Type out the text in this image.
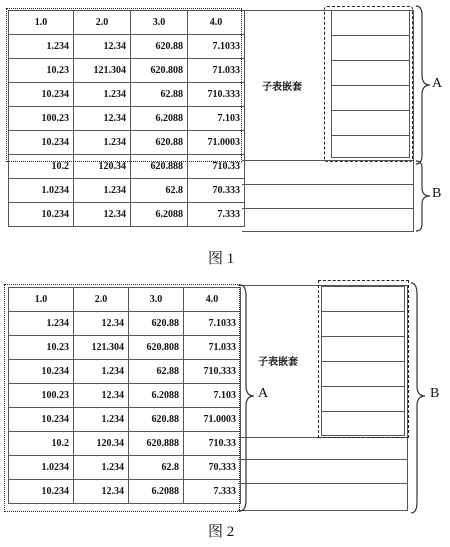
1.0	2.0	3.0	4.0
1.234	12.34	620.88	7.1033
10.23	121.304	620.808	71.033
10.234	1.234	62.88	710.333
100.23	12.34	6.2088	7.103
10.234	1.234	620.88	71.0003
10.2	120.34	620.888	710.33
1.0234	1.234	62.8	70.333
10.234	12.34	6.2088	7.333
子表嵌套	A
B
图 1
1.0	2.0	3.0	4.0
1.234	12.34	620.88	7.1033
10.23	121.304	620.808	71.033
10.234	1.234	62.88	710.333
100.23	12.34	6.2088	7.103
10.234	1.234	620.88	71.0003
10.2	120.34	620.888	710.33
1.0234	1.234	62.8	70.333
10.234	12.34	6.2088	7.333
子表嵌套
A	B
图 2
